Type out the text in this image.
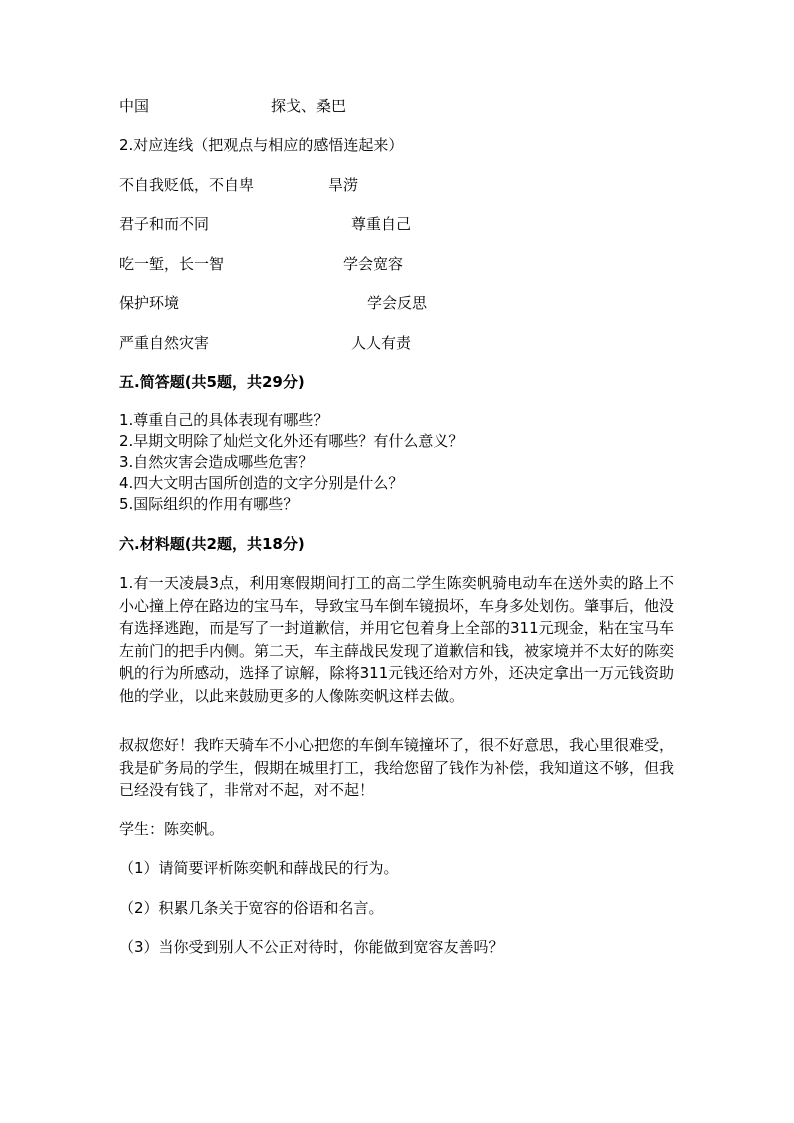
中国	探戈、桑巴
2.对应连线（把观点与相应的感悟连起来）
不自我贬低，不自卑	旱涝
君子和而不同	尊重自己
吃一堑，长一智	学会宽容
保护环境	学会反思
严重自然灾害	人人有责
五.简答题(共5题，共29分)
1.尊重自己的具体表现有哪些？
2.早期文明除了灿烂文化外还有哪些？有什么意义？
3.自然灾害会造成哪些危害？
4.四大文明古国所创造的文字分别是什么？
5.国际组织的作用有哪些？
六.材料题(共2题，共18分)
1.有一天凌晨3点，利用寒假期间打工的高二学生陈奕帆骑电动车在送外卖的路上不小心撞上停在路边的宝马车，导致宝马车倒车镜损坏，车身多处划伤。肇事后，他没有选择逃跑，而是写了一封道歉信，并用它包着身上全部的311元现金，粘在宝马车左前门的把手内侧。第二天，车主薛战民发现了道歉信和钱，被家境并不太好的陈奕帆的行为所感动，选择了谅解，除将311元钱还给对方外，还决定拿出一万元钱资助他的学业，以此来鼓励更多的人像陈奕帆这样去做。
叔叔您好！我昨天骑车不小心把您的车倒车镜撞坏了，很不好意思，我心里很难受，我是矿务局的学生，假期在城里打工，我给您留了钱作为补偿，我知道这不够，但我已经没有钱了，非常对不起，对不起！
学生：陈奕帆。
（1）请简要评析陈奕帆和薛战民的行为。
（2）积累几条关于宽容的俗语和名言。
（3）当你受到别人不公正对待时，你能做到宽容友善吗？
